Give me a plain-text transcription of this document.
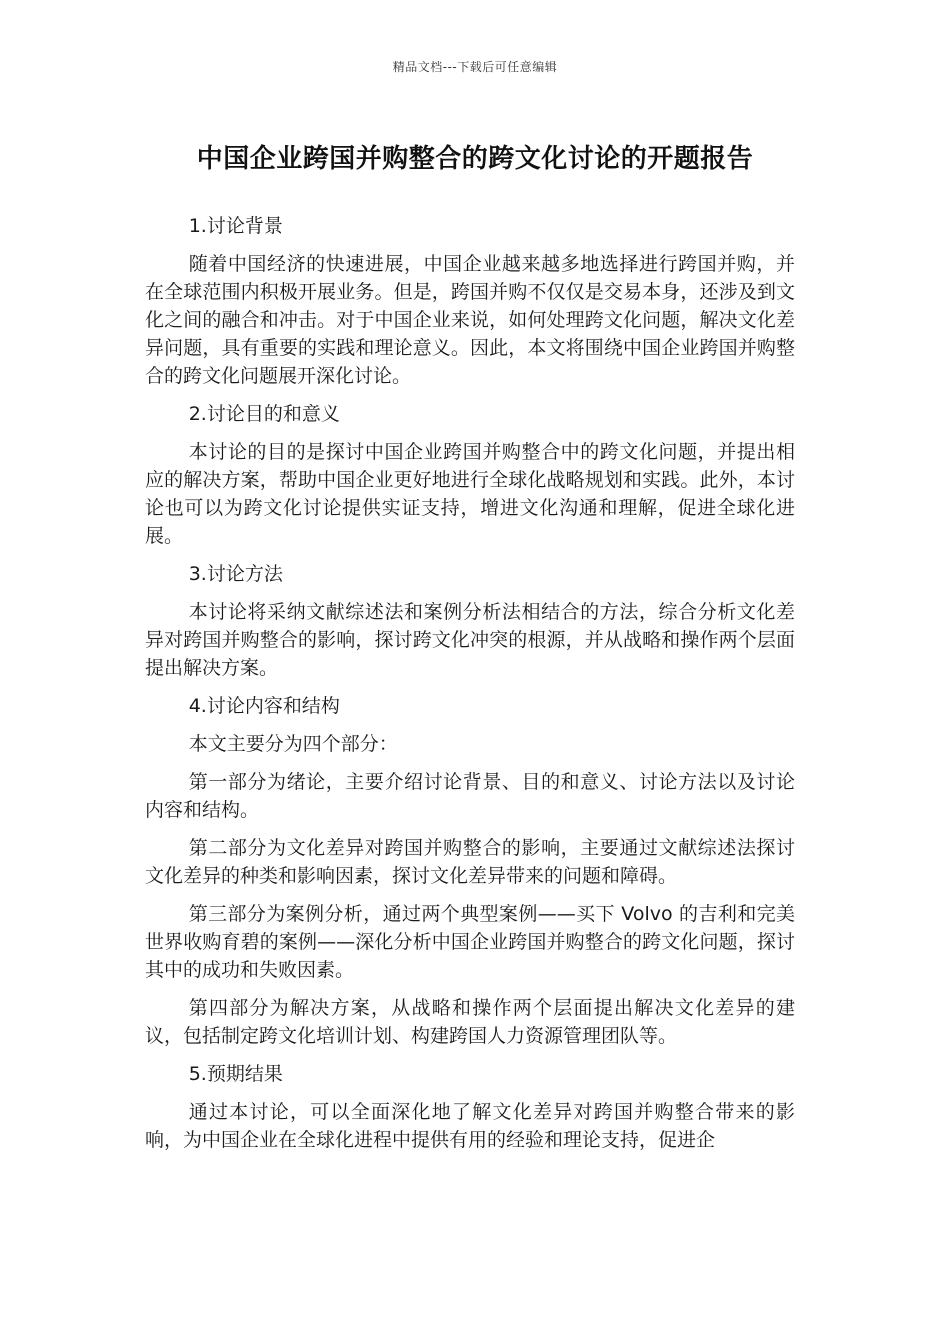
精品文档---下载后可任意编辑
中国企业跨国并购整合的跨文化讨论的开题报告

1.讨论背景

随着中国经济的快速进展，中国企业越来越多地选择进行跨国并购，并在全球范围内积极开展业务。但是，跨国并购不仅仅是交易本身，还涉及到文化之间的融合和冲击。对于中国企业来说，如何处理跨文化问题，解决文化差异问题，具有重要的实践和理论意义。因此，本文将围绕中国企业跨国并购整合的跨文化问题展开深化讨论。

2.讨论目的和意义

本讨论的目的是探讨中国企业跨国并购整合中的跨文化问题，并提出相应的解决方案，帮助中国企业更好地进行全球化战略规划和实践。此外，本讨论也可以为跨文化讨论提供实证支持，增进文化沟通和理解，促进全球化进展。

3.讨论方法

本讨论将采纳文献综述法和案例分析法相结合的方法，综合分析文化差异对跨国并购整合的影响，探讨跨文化冲突的根源，并从战略和操作两个层面提出解决方案。

4.讨论内容和结构

本文主要分为四个部分：

第一部分为绪论，主要介绍讨论背景、目的和意义、讨论方法以及讨论内容和结构。

第二部分为文化差异对跨国并购整合的影响，主要通过文献综述法探讨文化差异的种类和影响因素，探讨文化差异带来的问题和障碍。

第三部分为案例分析，通过两个典型案例——买下 Volvo 的吉利和完美世界收购育碧的案例——深化分析中国企业跨国并购整合的跨文化问题，探讨其中的成功和失败因素。

第四部分为解决方案，从战略和操作两个层面提出解决文化差异的建议，包括制定跨文化培训计划、构建跨国人力资源管理团队等。

5.预期结果

通过本讨论，可以全面深化地了解文化差异对跨国并购整合带来的影响，为中国企业在全球化进程中提供有用的经验和理论支持，促进企
